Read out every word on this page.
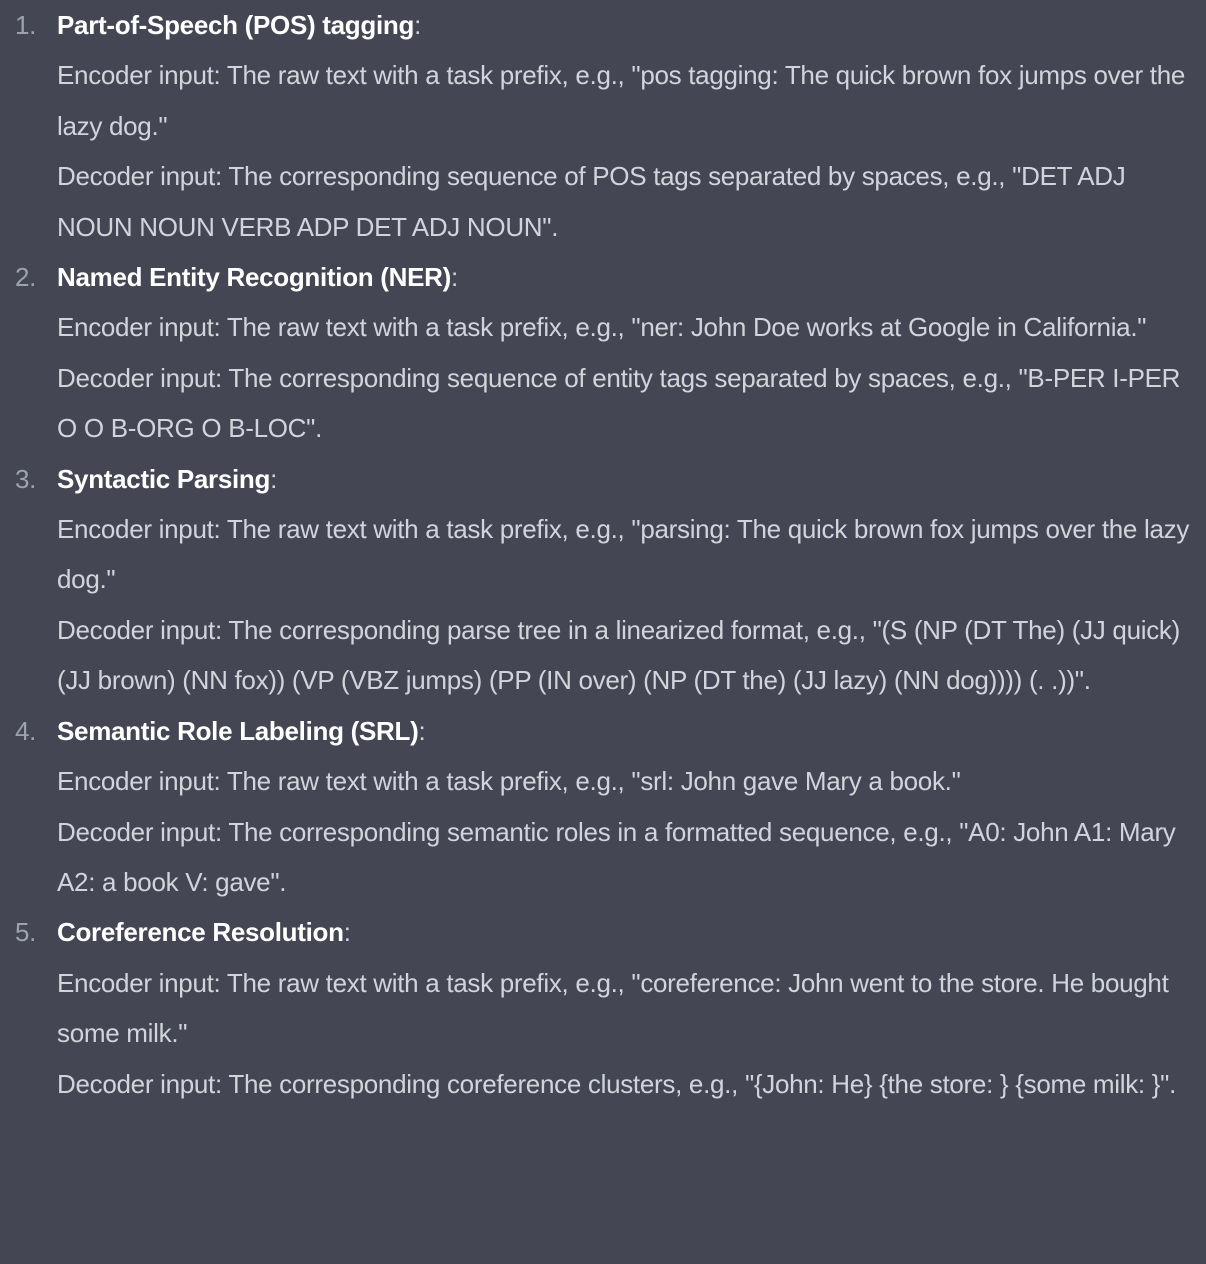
1. Part-of-Speech (POS) tagging:
Encoder input: The raw text with a task prefix, e.g., "pos tagging: The quick brown fox jumps over the lazy dog."
Decoder input: The corresponding sequence of POS tags separated by spaces, e.g., "DET ADJ NOUN NOUN VERB ADP DET ADJ NOUN".
2. Named Entity Recognition (NER):
Encoder input: The raw text with a task prefix, e.g., "ner: John Doe works at Google in California."
Decoder input: The corresponding sequence of entity tags separated by spaces, e.g., "B-PER I-PER O O B-ORG O B-LOC".
3. Syntactic Parsing:
Encoder input: The raw text with a task prefix, e.g., "parsing: The quick brown fox jumps over the lazy dog."
Decoder input: The corresponding parse tree in a linearized format, e.g., "(S (NP (DT The) (JJ quick) (JJ brown) (NN fox)) (VP (VBZ jumps) (PP (IN over) (NP (DT the) (JJ lazy) (NN dog)))) (. .))".
4. Semantic Role Labeling (SRL):
Encoder input: The raw text with a task prefix, e.g., "srl: John gave Mary a book."
Decoder input: The corresponding semantic roles in a formatted sequence, e.g., "A0: John A1: Mary A2: a book V: gave".
5. Coreference Resolution:
Encoder input: The raw text with a task prefix, e.g., "coreference: John went to the store. He bought some milk."
Decoder input: The corresponding coreference clusters, e.g., "{John: He} {the store: } {some milk: }".
